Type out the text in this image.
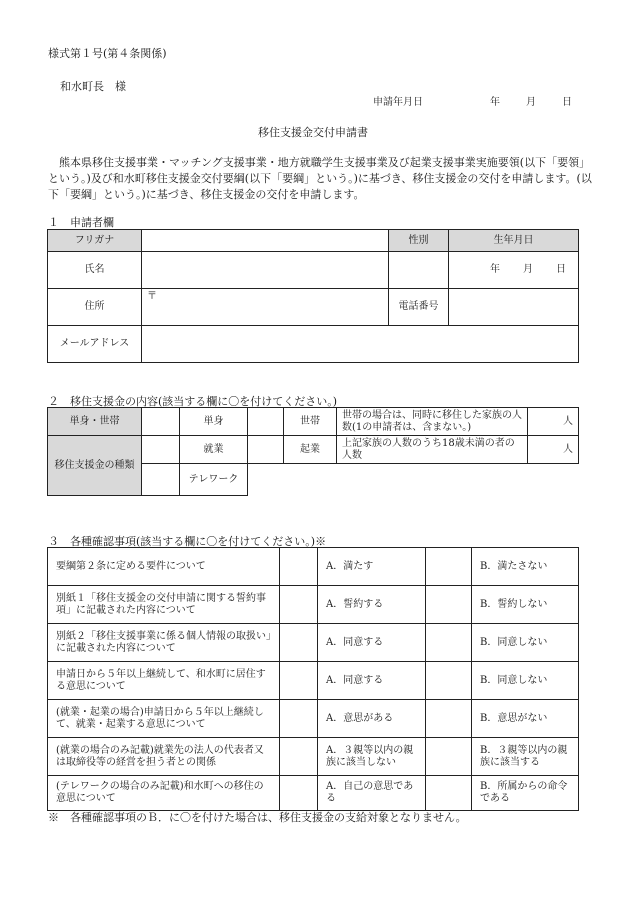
様式第１号(第４条関係)
和水町長　様
申請年月日	年	月	日
移住支援金交付申請書
熊本県移住支援事業・マッチング支援事業・地方就職学生支援事業及び起業支援事業実施要領(以下「要領」という。)及び和水町移住支援金交付要綱(以下「要綱」という。)に基づき、移住支援金の交付を申請します。(以下「要綱」という。)に基づき、移住支援金の交付を申請します。
１　申請者欄
フリガナ		性別	生年月日
氏名			年 月 日
住所	〒	電話番号	
メールアドレス			
２　移住支援金の内容(該当する欄に〇を付けてください。)
単身・世帯		単身		世帯	世帯の場合は、同時に移住した家族の人数(1の申請者は、含まない。)	人
移住支援金の種類		就業		起業	上記家族の人数のうち18歳未満の者の人数	人
		テレワーク				
３　各種確認事項(該当する欄に〇を付けてください。)※
要綱第２条に定める要件について		A．満たす		B．満たさない
別紙１「移住支援金の交付申請に関する誓約事項」に記載された内容について		A．誓約する		B．誓約しない
別紙２「移住支援事業に係る個人情報の取扱い」に記載された内容について		A．同意する		B．同意しない
申請日から５年以上継続して、和水町に居住する意思について		A．同意する		B．同意しない
(就業・起業の場合)申請日から５年以上継続して、就業・起業する意思について		A．意思がある		B．意思がない
(就業の場合のみ記載)就業先の法人の代表者又は取締役等の経営を担う者との関係		A．３親等以内の親族に該当しない		B．３親等以内の親族に該当する
(テレワークの場合のみ記載)和水町への移住の意思について		A．自己の意思である		B．所属からの命令である
※　各種確認事項のＢ．に〇を付けた場合は、移住支援金の支給対象となりません。
